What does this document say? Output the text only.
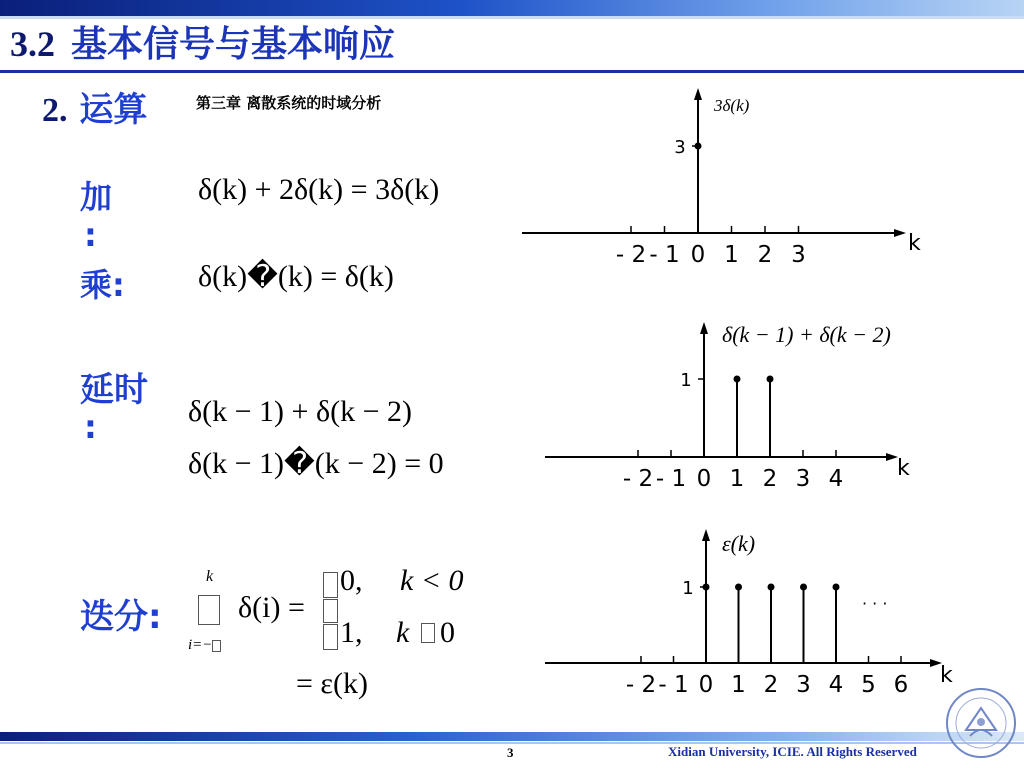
3.2 基本信号与基本响应
2. 运算	第三章 离散系统的时域分析
加
:
δ(k) + 2δ(k) = 3δ(k)
乘: δ(k)�(k) = δ(k)
延时
:	δ(k − 1) + δ(k − 2)
δ(k − 1)�(k − 2) = 0
迭分:
k
i=−
δ(i) =
0, k < 0
1, k 0
= ε(k)
- 2 - 1 0 1 2 3
3
3δ(k)
k
- 2 - 1 0 1 2 3 4
1
δ(k − 1) + δ(k − 2)
k
- 2 - 1 0 1 2 3 4 5 6
1
ε(k)
k
· · ·
3	Xidian University, ICIE. All Rights Reserved
